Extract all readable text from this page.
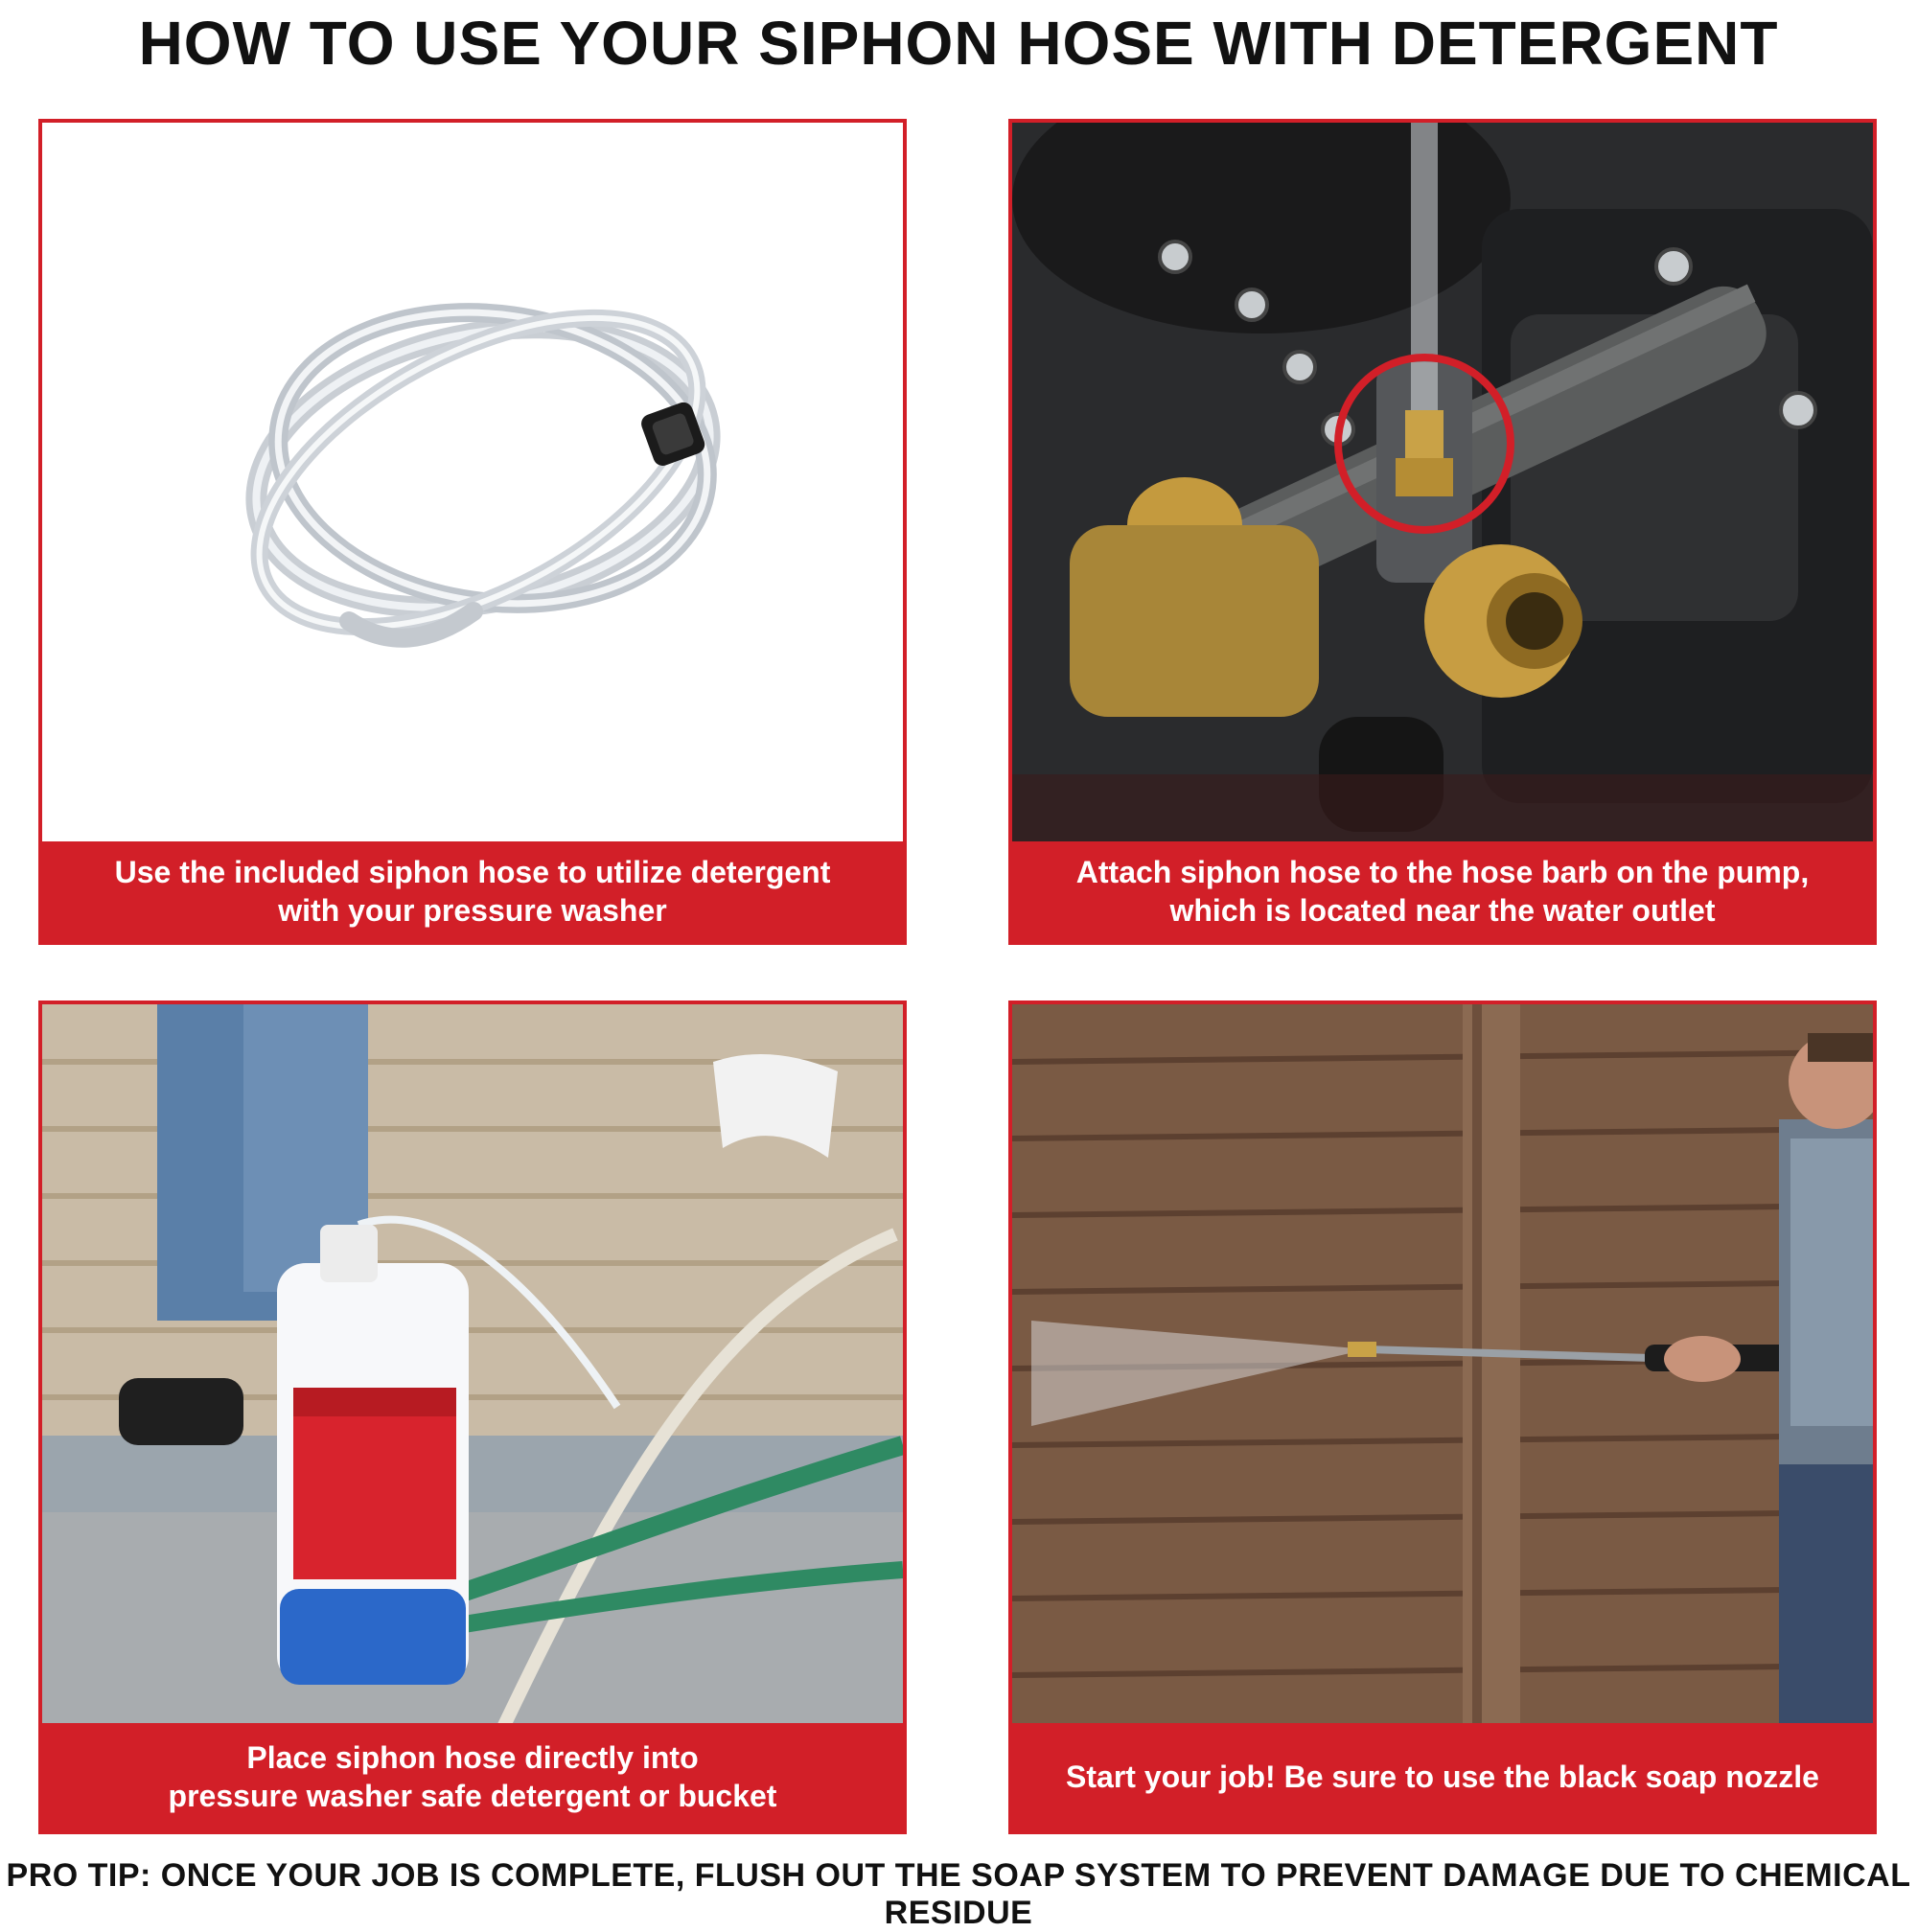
HOW TO USE YOUR SIPHON HOSE WITH DETERGENT
Use the included siphon hose to utilize detergent
with your pressure washer
Attach siphon hose to the hose barb on the pump,
which is located near the water outlet
Place siphon hose directly into
pressure washer safe detergent or bucket
Start your job! Be sure to use the black soap nozzle
PRO TIP: ONCE YOUR JOB IS COMPLETE, FLUSH OUT THE SOAP SYSTEM TO PREVENT DAMAGE DUE TO CHEMICAL RESIDUE
